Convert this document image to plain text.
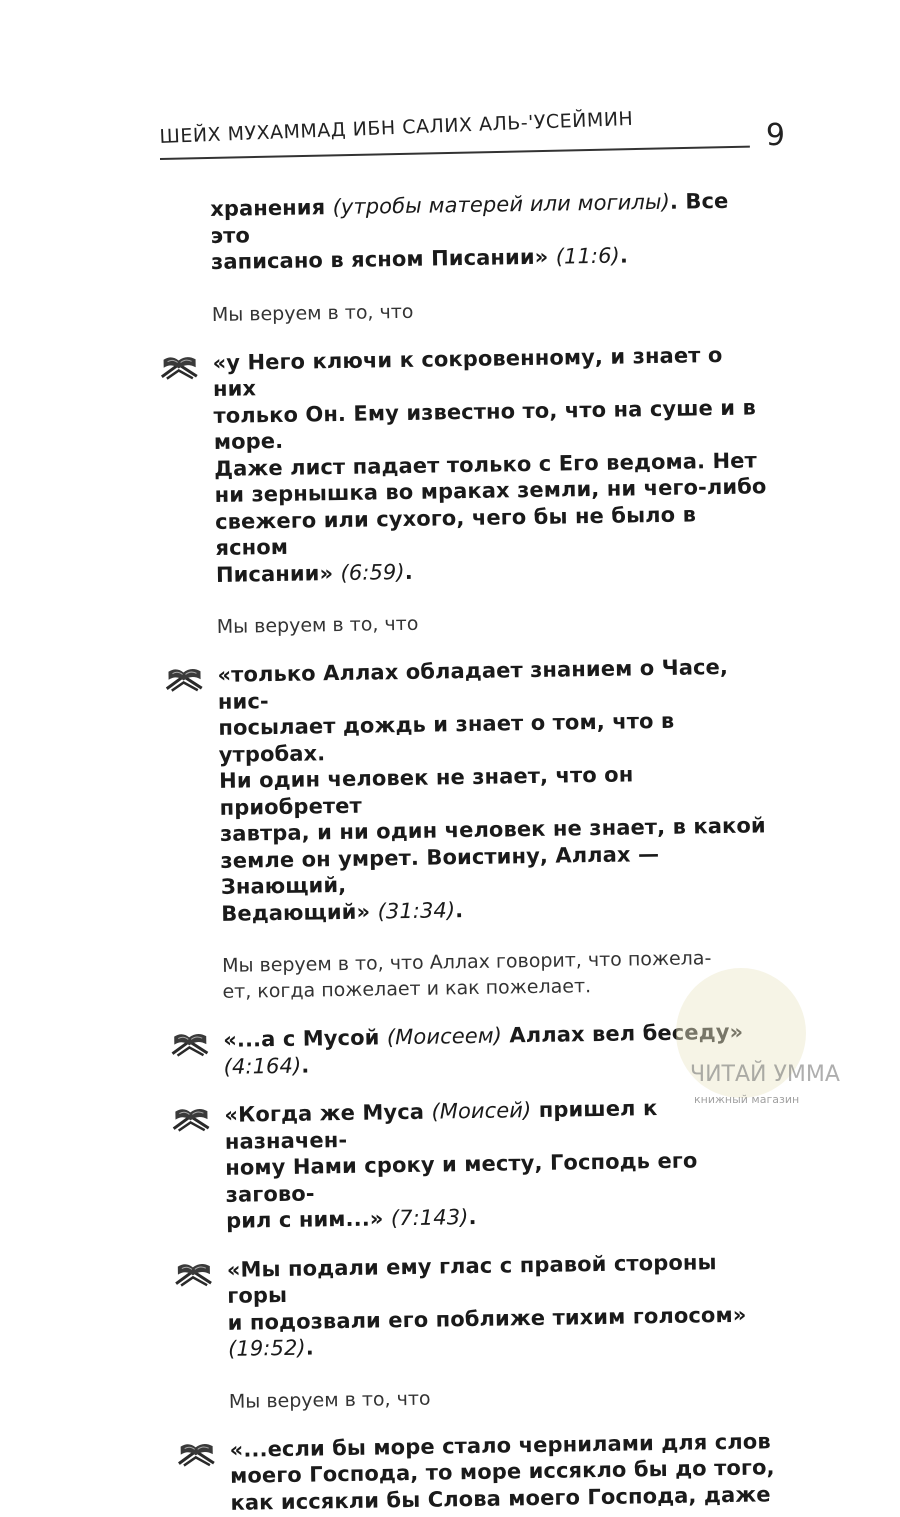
ШЕЙХ МУХАММАД ИБН САЛИХ АЛЬ-'УСЕЙМИН	9
хранения (утробы матерей или могилы). Все это
записано в ясном Писании» (11:6).
Мы веруем в то, что
«у Него ключи к сокровенному, и знает о них
только Он. Ему известно то, что на суше и в море.
Даже лист падает только с Его ведома. Нет
ни зернышка во мраках земли, ни чего-либо
свежего или сухого, чего бы не было в ясном
Писании» (6:59).
Мы веруем в то, что
«только Аллах обладает знанием о Часе, нис-
посылает дождь и знает о том, что в утробах.
Ни один человек не знает, что он приобретет
завтра, и ни один человек не знает, в какой
земле он умрет. Воистину, Аллах — Знающий,
Ведающий» (31:34).
Мы веруем в то, что Аллах говорит, что пожела-
ет, когда пожелает и как пожелает.
«...а с Мусой (Моисеем) Аллах вел беседу» (4:164).
«Когда же Муса (Моисей) пришел к назначен-
ному Нами сроку и месту, Господь его загово-
рил с ним...» (7:143).
«Мы подали ему глас с правой стороны горы
и подозвали его поближе тихим голосом» (19:52).
Мы веруем в то, что
«...если бы море стало чернилами для слов
моего Господа, то море иссякло бы до того,
как иссякли бы Слова моего Господа, даже
ЧИТАЙ УММА
книжный магазин
